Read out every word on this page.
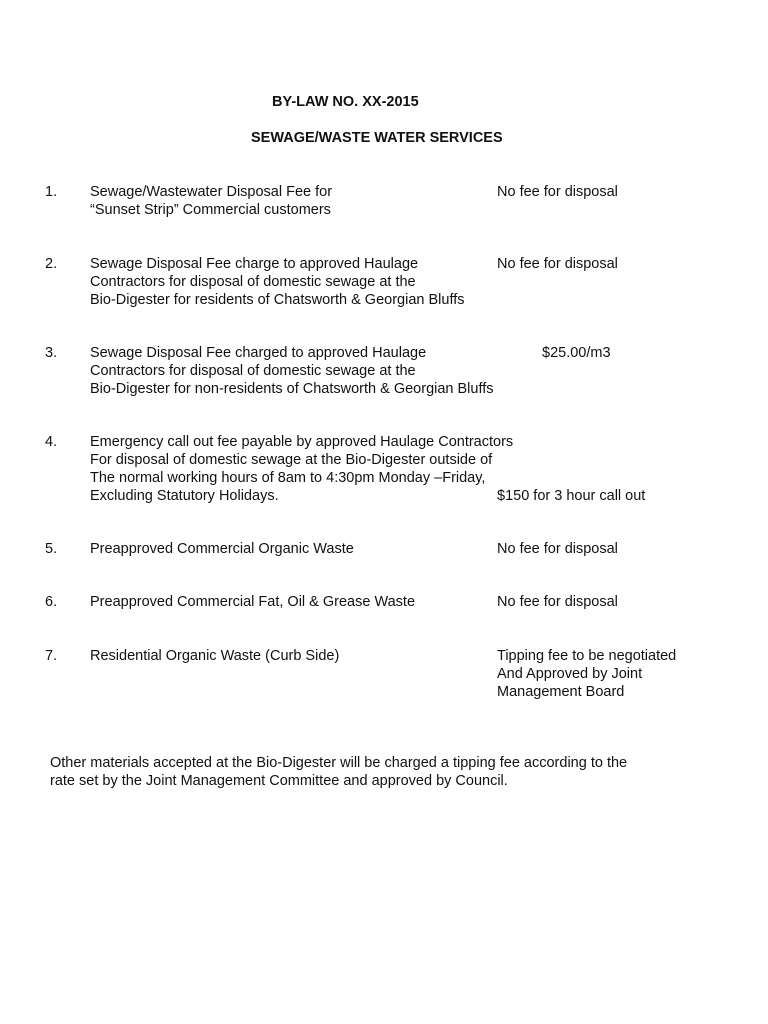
BY-LAW NO. XX-2015
SEWAGE/WASTE WATER SERVICES
1. Sewage/Wastewater Disposal Fee for
“Sunset Strip” Commercial customers
No fee for disposal
2. Sewage Disposal Fee charge to approved Haulage
Contractors for disposal of domestic sewage at the
Bio-Digester for residents of Chatsworth & Georgian Bluffs
No fee for disposal
3. Sewage Disposal Fee charged to approved Haulage
Contractors for disposal of domestic sewage at the
Bio-Digester for non-residents of Chatsworth & Georgian Bluffs
$25.00/m3
4. Emergency call out fee payable by approved Haulage Contractors
For disposal of domestic sewage at the Bio-Digester outside of
The normal working hours of 8am to 4:30pm Monday –Friday,
Excluding Statutory Holidays.	$150 for 3 hour call out
5. Preapproved Commercial Organic Waste	No fee for disposal
6. Preapproved Commercial Fat, Oil & Grease Waste	No fee for disposal
7. Residential Organic Waste (Curb Side)	Tipping fee to be negotiated
And Approved by Joint
Management Board
Other materials accepted at the Bio-Digester will be charged a tipping fee according to the
rate set by the Joint Management Committee and approved by Council.
